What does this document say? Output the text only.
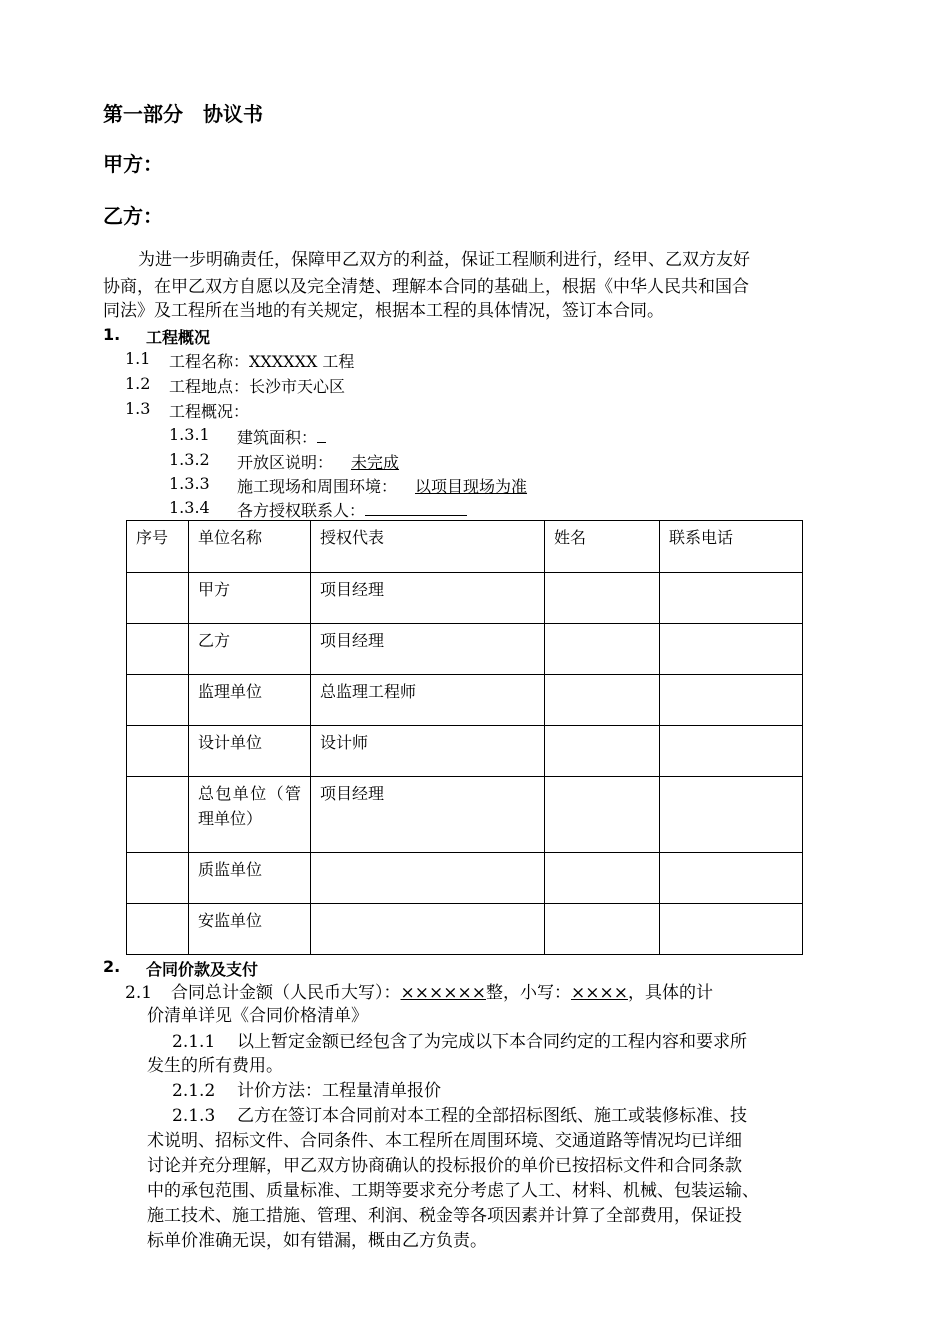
第一部分　协议书
甲方：
乙方：
为进一步明确责任，保障甲乙双方的利益，保证工程顺利进行，经甲、乙双方友好
协商，在甲乙双方自愿以及完全清楚、理解本合同的基础上，根据《中华人民共和国合
同法》及工程所在当地的有关规定，根据本工程的具体情况，签订本合同。
1. 工程概况
1.1 工程名称：XXXXXX 工程
1.2 工程地点：长沙市天心区
1.3 工程概况：
1.3.1 建筑面积：
1.3.2 开放区说明： 未完成
1.3.3 施工现场和周围环境： 以项目现场为准
1.3.4 各方授权联系人：
序号	单位名称	授权代表	姓名	联系电话
	甲方	项目经理		
	乙方	项目经理		
	监理单位	总监理工程师		
	设计单位	设计师		
	总包单位（管理单位）	项目经理		
	质监单位			
	安监单位			
2. 合同价款及支付
2.1 合同总计金额（人民币大写）：××××××整，小写：××××，具体的计
价清单详见《合同价格清单》
2.1.1 以上暂定金额已经包含了为完成以下本合同约定的工程内容和要求所
发生的所有费用。
2.1.2 计价方法：工程量清单报价
2.1.3 乙方在签订本合同前对本工程的全部招标图纸、施工或装修标准、技
术说明、招标文件、合同条件、本工程所在周围环境、交通道路等情况均已详细
讨论并充分理解，甲乙双方协商确认的投标报价的单价已按招标文件和合同条款
中的承包范围、质量标准、工期等要求充分考虑了人工、材料、机械、包装运输、
施工技术、施工措施、管理、利润、税金等各项因素并计算了全部费用，保证投
标单价准确无误，如有错漏，概由乙方负责。
